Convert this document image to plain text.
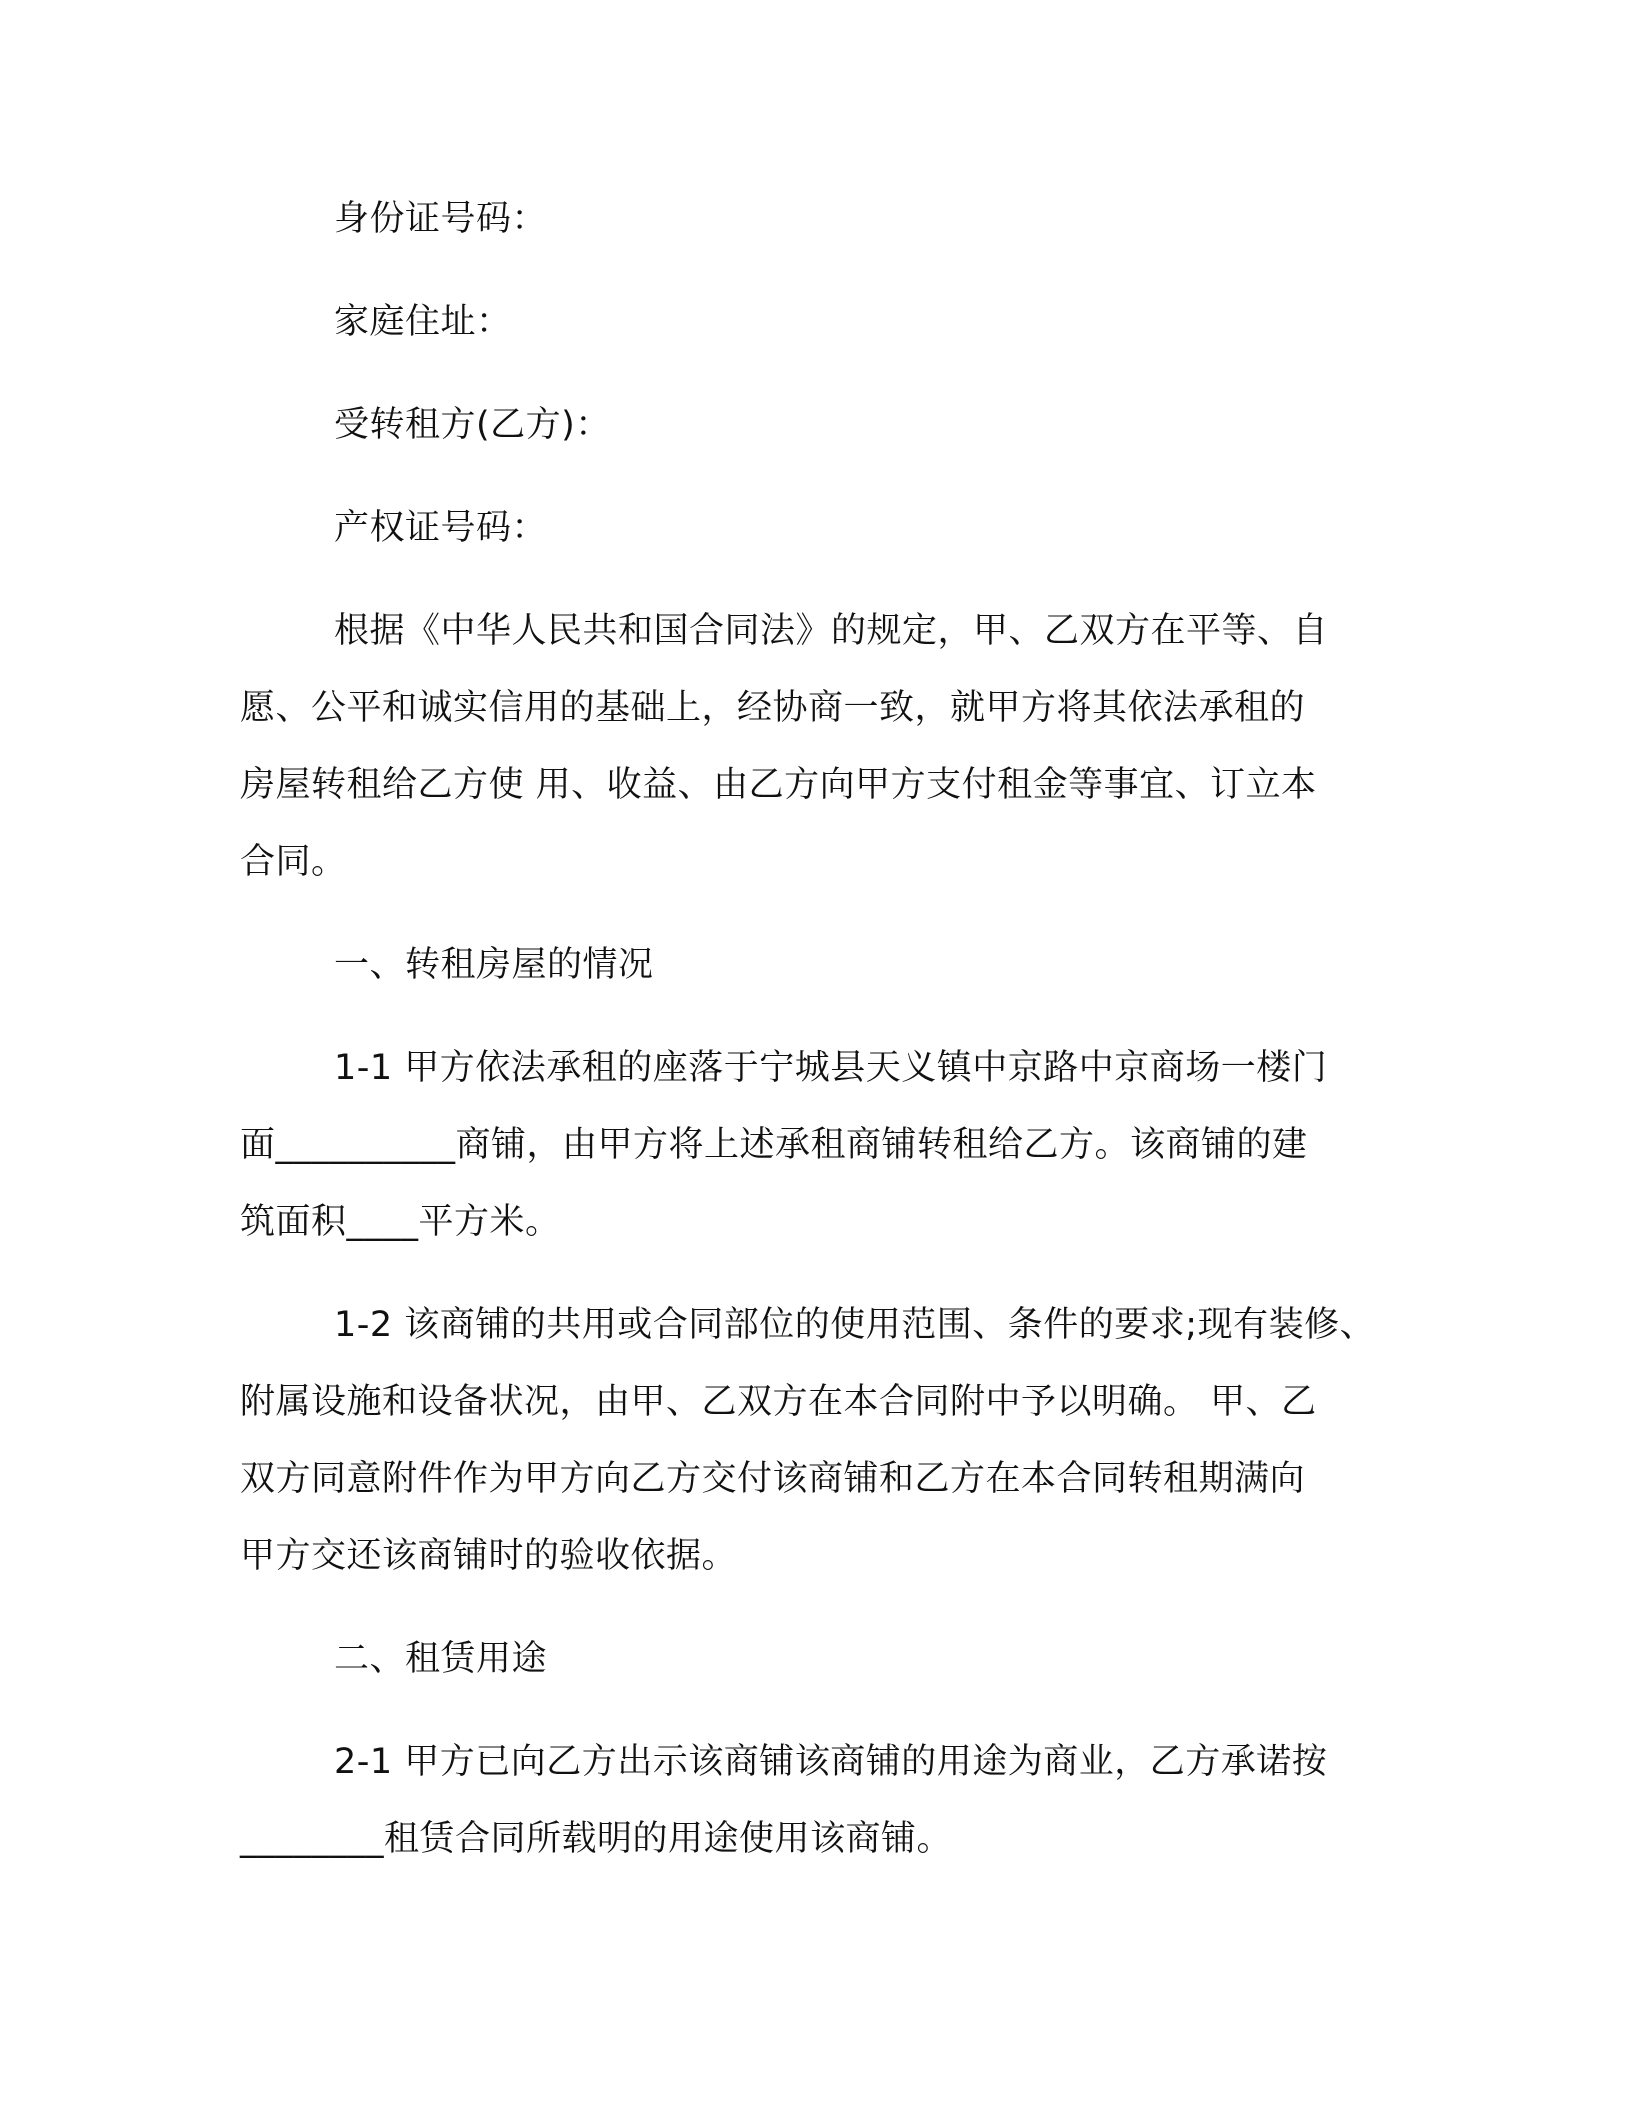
身份证号码：
家庭住址：
受转租方(乙方)：
产权证号码：
根据《中华人民共和国合同法》的规定，甲、乙双方在平等、自
愿、公平和诚实信用的基础上，经协商一致，就甲方将其依法承租的
房屋转租给乙方使 用、收益、由乙方向甲方支付租金等事宜、订立本
合同。
一、转租房屋的情况
1-1 甲方依法承租的座落于宁城县天义镇中京路中京商场一楼门
面__________商铺，由甲方将上述承租商铺转租给乙方。该商铺的建
筑面积____平方米。
1-2 该商铺的共用或合同部位的使用范围、条件的要求;现有装修、
附属设施和设备状况，由甲、乙双方在本合同附中予以明确。 甲、乙
双方同意附件作为甲方向乙方交付该商铺和乙方在本合同转租期满向
甲方交还该商铺时的验收依据。
二、租赁用途
2-1 甲方已向乙方出示该商铺该商铺的用途为商业，乙方承诺按
________租赁合同所载明的用途使用该商铺。
